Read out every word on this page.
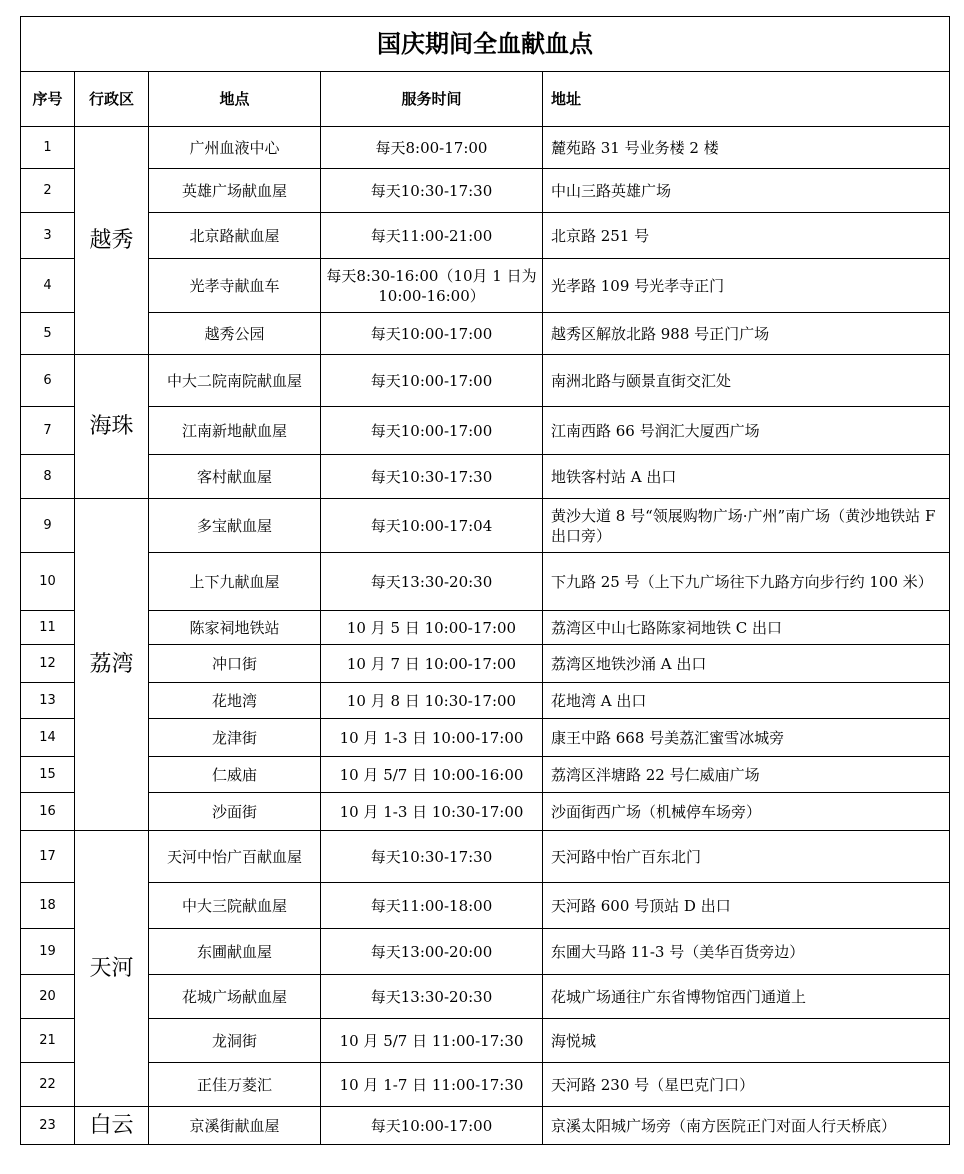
国庆期间全血献血点				
序号	行政区	地点	服务时间	地址
1	越秀	广州血液中心	每天8:00-17:00	麓苑路 31 号业务楼 2 楼
2		英雄广场献血屋	每天10:30-17:30	中山三路英雄广场
3		北京路献血屋	每天11:00-21:00	北京路 251 号
4		光孝寺献血车	每天8:30-16:00（10月 1 日为 10:00-16:00）	光孝路 109 号光孝寺正门
5		越秀公园	每天10:00-17:00	越秀区解放北路 988 号正门广场
6	海珠	中大二院南院献血屋	每天10:00-17:00	南洲北路与颐景直街交汇处
7		江南新地献血屋	每天10:00-17:00	江南西路 66 号润汇大厦西广场
8		客村献血屋	每天10:30-17:30	地铁客村站 A 出口
9	荔湾	多宝献血屋	每天10:00-17:04	黄沙大道 8 号“领展购物广场·广州”南广场（黄沙地铁站 F 出口旁）
10		上下九献血屋	每天13:30-20:30	下九路 25 号（上下九广场往下九路方向步行约 100 米）
11		陈家祠地铁站	10 月 5 日 10:00-17:00	荔湾区中山七路陈家祠地铁 C 出口
12		冲口街	10 月 7 日 10:00-17:00	荔湾区地铁沙涌 A 出口
13		花地湾	10 月 8 日 10:30-17:00	花地湾 A 出口
14		龙津街	10 月 1-3 日 10:00-17:00	康王中路 668 号美荔汇蜜雪冰城旁
15		仁威庙	10 月 5/7 日 10:00-16:00	荔湾区泮塘路 22 号仁威庙广场
16		沙面街	10 月 1-3 日 10:30-17:00	沙面街西广场（机械停车场旁）
17	天河	天河中怡广百献血屋	每天10:30-17:30	天河路中怡广百东北门
18		中大三院献血屋	每天11:00-18:00	天河路 600 号顶站 D 出口
19		东圃献血屋	每天13:00-20:00	东圃大马路 11-3 号（美华百货旁边）
20		花城广场献血屋	每天13:30-20:30	花城广场通往广东省博物馆西门通道上
21		龙洞街	10 月 5/7 日 11:00-17:30	海悦城
22		正佳万菱汇	10 月 1-7 日 11:00-17:30	天河路 230 号（星巴克门口）
23	白云	京溪街献血屋	每天10:00-17:00	京溪太阳城广场旁（南方医院正门对面人行天桥底）
